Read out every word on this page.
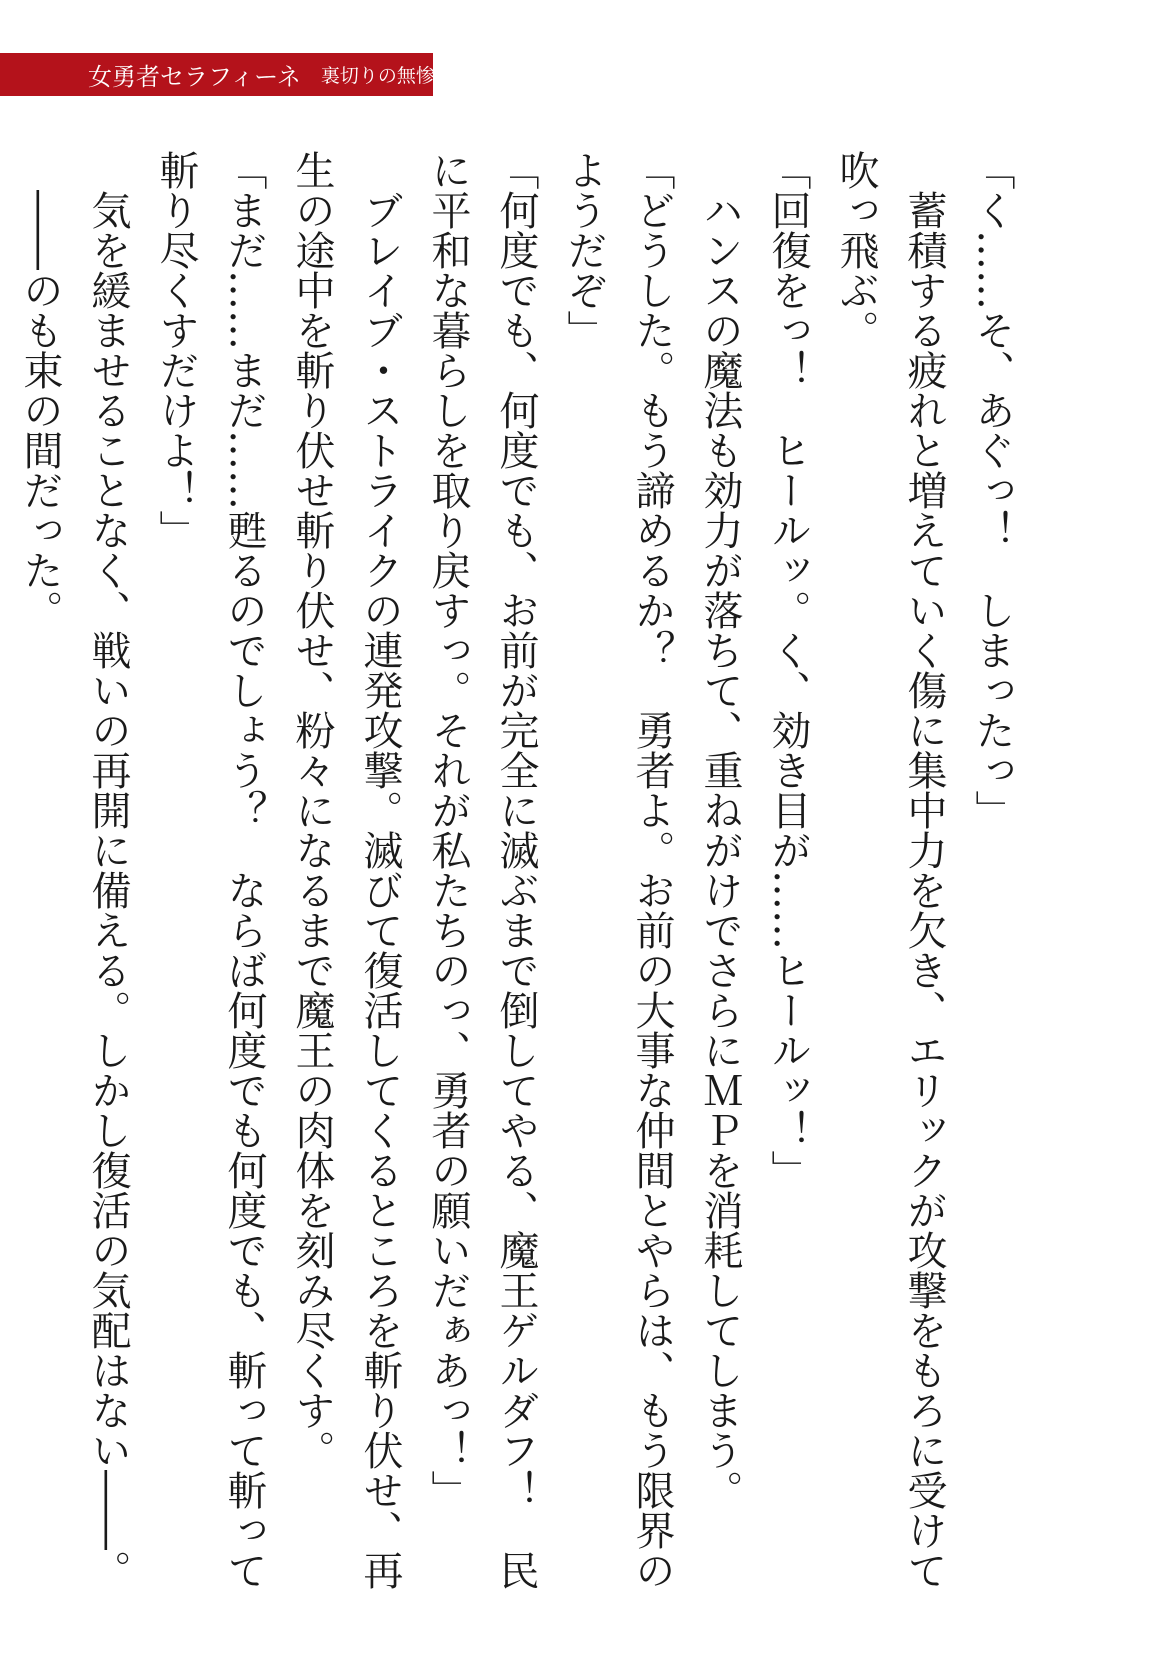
女勇者セラフィーネ 裏切りの無惨劇

「く……そ、あぐっ！　しまったっ」

　蓄積する疲れと増えていく傷に集中力を欠き、エリックが攻撃をもろに受けて吹っ飛ぶ。

「回復をっ！　ヒールッ。く、効き目が……ヒールッ！」

　ハンスの魔法も効力が落ちて、重ねがけでさらにＭＰを消耗してしまう。

「どうした。もう諦めるか？　勇者よ。お前の大事な仲間とやらは、もう限界のようだぞ」

「何度でも、何度でも、お前が完全に滅ぶまで倒してやる、魔王ゲルダフ！　民に平和な暮らしを取り戻すっ。それが私たちのっ、勇者の願いだぁあっ！」

　ブレイブ・ストライクの連発攻撃。滅びて復活してくるところを斬り伏せ、再生の途中を斬り伏せ斬り伏せ、粉々になるまで魔王の肉体を刻み尽くす。

「まだ……まだ……甦るのでしょう？　ならば何度でも何度でも、斬って斬って斬り尽くすだけよ！」

　気を緩ませることなく、戦いの再開に備える。しかし復活の気配はない――。

　――のも束の間だった。
